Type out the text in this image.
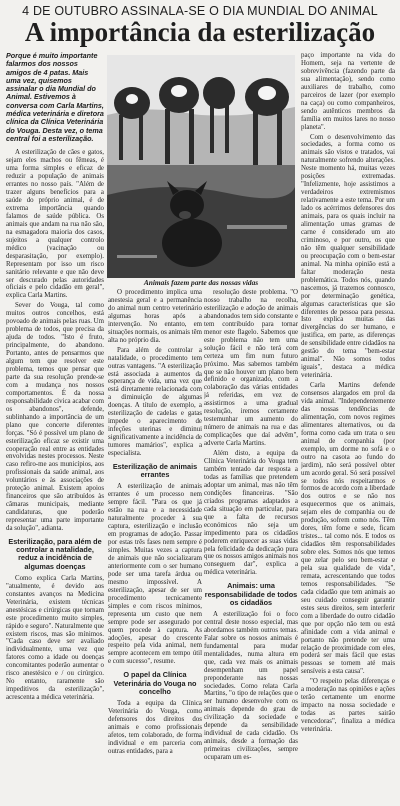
4 DE OUTUBRO ASSINALA-SE O DIA MUNDIAL DO ANIMAL
A importância da esterilização
Porque é muito importante falarmos dos nossos amigos de 4 patas. Mais uma vez, quisemos assinalar o dia Mundial do Animal. Estivemos à conversa com Carla Martins, médica veterinária e diretora clínica da Clínica Veterinária do Vouga. Desta vez, o tema central foi a esterilização.

A esterilização de cães e gatos, sejam eles machos ou fêmeas, é uma forma simples e eficaz de reduzir a população de animais errantes no nosso país. "Além de trazer alguns benefícios para a saúde do próprio animal, é de extrema importância quando falamos de saúde pública. Os animais que andam na rua não são, na esmagadora maioria dos casos, sujeitos a qualquer controlo médico (vacinação ou desparasitação, por exemplo). Representam por isso um risco sanitário relevante e que não deve ser descurado pelas autoridades oficiais e pelo cidadão em geral", explica Carla Martins.

Sever do Vouga, tal como muitos outros concelhos, está povoado de animais pelas ruas. Um problema de todos, que precisa da ajuda de todos. "Isto é fruto, principalmente, do abandono. Portanto, antes de pensarmos que algum tem que resolver este problema, temos que pensar que parte da sua resolução prende-se com a mudança nos nossos comportamentos. É da nossa responsabilidade civica acabar com os abandonos", defende, sublinhando a importância de um plano que concerte diferentes forças. "Só é possível um plano de esterilização eficaz se existir uma cooperação real entre as entidades envolvidas nestes processos. Neste caso refiro-me aos municípios, aos profissionais da saúde animal, aos voluntários e às associações de proteção animal. Existem apoios financeiros que são atribuídos às câmaras municipais, mediante candidaturas, que poderão representar uma parte importante da solução", adianta.

Esterilização, para além de controlar a natalidade, reduz a incidência de algumas doenças

Como explica Carla Martins, "atualmente, é devido aos constantes avanços na Medicina Veterinária, existem técnicas anestésicas e cirúrgicas que tornam este procedimento muito simples, rápido e seguro". Naturalmente que existem riscos, mas são mínimos. "Cada caso deve ser avaliado individualmente, uma vez que fatores como a idade ou doenças concomitantes poderão aumentar o risco anestésico e / ou cirúrgico. No entanto, raramente são impeditivos da esterilização", acrescenta a médica veterinária.

Animais fazem parte das nossas vidas

O procedimento implica uma anestesia geral e a permanência do animal num centro veterinário algumas horas após a intervenção. No entanto, em situações normais, os animais têm alta no próprio dia.

Para além de controlar a natalidade, o procedimento tem outras vantagens. "A esterilização está associada a aumentos da esperança de vida, uma vez que está diretamente relacionada com a diminuição de algumas doenças. A título de exemplo, a esterilização de cadelas e gatas impede o aparecimento de infeções uterinas e diminui significativamente a incidência de tumores mamários", explica a especialista.

Esterilização de animais errantes

A esterilização de animais errantes é um processo nem sempre fácil. "Para os que já estão na rua e a necessidade naturalmente proceder à sua captura, esterilização e inclusão em programas de adoção. Passar por estas três fases nem sempre é simples. Muitas vezes a captura de animais que não socializaram anteriormente com o ser humano pode ser uma tarefa árdua ou mesmo impossível. A esterilização, apesar de ser um procedimento tecnicamente simples e com riscos mínimos, representa um custo que nem sempre pode ser assegurado por quem procede à captura. As adoções, apesar do crescente respeito pela vida animal, nem sempre acontecem em tempo útil e com sucesso", resume.

O papel da Clínica Veterinária do Vouga no concelho

Toda a equipa da Clínica Veterinária do Vouga, como defensores dos direitos dos animais e como profissionais afetos, tem colaborado, de forma individual e em parceria com outras entidades, para a

resolução deste problema. "O nosso trabalho na recolha, esterilização e adoção de animais abandonados tem sido constante e tem contribuído para tornar menor este flagelo. Sabemos que este problema não tem uma solução fácil e não terá com certeza um fim num futuro próximo. Mas sabemos também que se não houver um plano bem definido e organizado, com a colaboração das várias entidades já referidas, em vez de assistirmos a uma gradual resolução, iremos certamente testemunhar um aumento do número de animais na rua e das complicações que daí advêm", adverte Carla Martins.

Além disto, a equipa da Clínica Veterinária do Vouga tem também tentado dar resposta a todas as famílias que pretendem adoptar um animal, mas não têm condições financeiras. "São criados programas adaptados a cada situação em particular, para que a falta de recursos económicos não seja um impedimento para os cidadãos poderem enriquecer as suas vidas pela felicidade da dedicação pura que os nossos amigos animais nos conseguem dar", explica a médica veterinária.

Animais: uma responsabilidade de todos os cidadãos

A esterilização foi o foco central deste nosso especial, mas abordamos também outros temas. Falar sobre os nossos animais é fundamental para mudar mentalidades, numa altura em que, cada vez mais os animais desempenham um papel preponderante nas nossas sociedades. Como relata Carla Martins, "o tipo de relações que o ser humano desenvolve com os animais depende do grau de civilização da sociedade e depende da sensibilidade individual de cada cidadão. Os animais, desde a formação das primeiras civilizações, sempre ocuparam um es-

paço importante na vida do Homem, seja na vertente de sobrevivência (fazendo parte da sua alimentação), sendo como auxiliares de trabalho, como parceiros de lazer (por exemplo na caça) ou como companheiros, sendo autênticos membros da família em muitos lares no nosso planeta".

Com o desenvolvimento das sociedades, a forma como os animais são vistos e tratados, vai naturalmente sofrendo alterações. Neste momento há, muitas vezes posições extremadas. "Infelizmente, hoje assistimos a verdadeiros extremismos relativamente a este tema. Por um lado os acérrimos defensores dos animais, para os quais incluir na alimentação umas gramas de carne é considerado um ato criminoso, e por outro, os que não têm qualquer sensibilidade ou preocupação com o bem-estar animal. Na minha opinião está a faltar moderação nesta problemática. Todos nós, quando nascemos, já trazemos connosco, por determinação genética, algumas características que são diferentes de pessoa para pessoa. Isto explica muitas das divergências do ser humano, e justifica, em parte, as diferenças de sensibilidade entre cidadãos na gestão do tema "bem-estar animal". Não somos todos iguais", destaca a médica veterinária.

Carla Martins defende consensos alargados em prol da vida animal. "Independentemente das nossas tendências de alimentação, com novos regimes alimentares alternativos, ou da forma como cada um trata o seu animal de companhia (por exemplo, um dorme no sofá e o outro na casota ao fundo do jardim), não será possível obter um acordo geral. Só será possível se todos nós respeitarmos e formos de acordo com a liberdade dos outros e se não nos esquecermos que os animais, sejam eles de companhia ou de produção, sofrem como nós. Têm dores, têm fome e sede, ficam tristes... tal como nós. E todos os cidadãos têm responsabilidades sobre eles. Somos nós que temos que zelar pelo seu bem-estar e pela sua qualidade de vida", remata, acrescentando que todos temos responsabilidades. "Se cada cidadão que tem animais ao seu cuidado conseguir garantir estes seus direitos, sem interferir com a liberdade do outro cidadão que por opção não tem ou está afinidade com a vida animal e portanto não pretende ter uma relação de proximidade com eles, poderá ser mais fácil que estas pessoas se tornem até mais sensíveis a esta causa".

"O respeito pelas diferenças e a moderação nas opiniões e ações terão certamente um enorme impacto na nossa sociedade e todas as partes sairão vencedoras", finaliza a médica veterinária.
